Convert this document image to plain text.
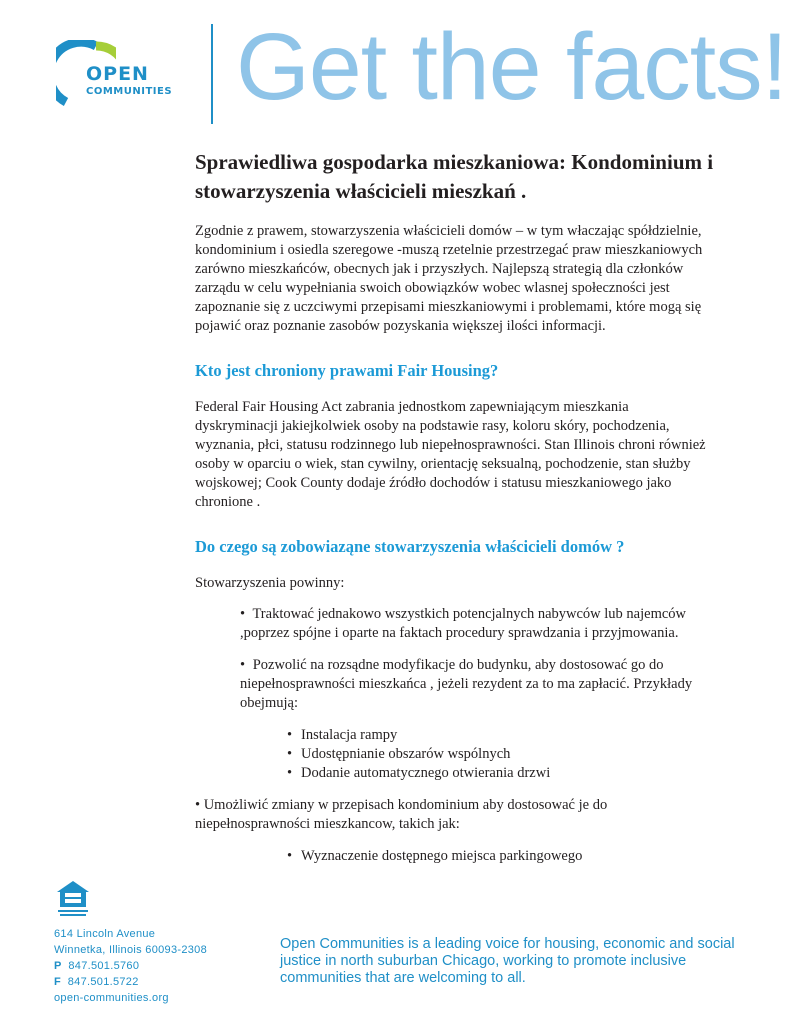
OPEN
COMMUNITIES Get the facts!
Sprawiedliwa gospodarka mieszkaniowa: Kondominium i stowarzyszenia właścicieli mieszkań .

Zgodnie z prawem, stowarzyszenia właścicieli domów – w tym właczając spółdzielnie, kondominium i osiedla szeregowe -muszą rzetelnie przestrzegać praw mieszkaniowych zarówno mieszkańców, obecnych jak i przyszłych. Najlepszą strategią dla członków zarządu w celu wypełniania swoich obowiązków wobec wlasnej społeczności jest zapoznanie się z uczciwymi przepisami mieszkaniowymi i problemami, które mogą się pojawić oraz poznanie zasobów pozyskania większej ilości informacji.

Kto jest chroniony prawami Fair Housing?

Federal Fair Housing Act zabrania jednostkom zapewniającym mieszkania dyskryminacji jakiejkolwiek osoby na podstawie rasy, koloru skóry, pochodzenia, wyznania, płci, statusu rodzinnego lub niepełnosprawności. Stan Illinois chroni również osoby w oparciu o wiek, stan cywilny, orientację seksualną, pochodzenie, stan służby wojskowej; Cook County dodaje źródło dochodów i statusu mieszkaniowego jako chronione .

Do czego są zobowiaząne stowarzyszenia właścicieli domów ?

Stowarzyszenia powinny:

• Traktować jednakowo wszystkich potencjalnych nabywców lub najemców ,poprzez spójne i oparte na faktach procedury sprawdzania i przyjmowania.

• Pozwolić na rozsądne modyfikacje do budynku, aby dostosować go do niepełnosprawności mieszkańca , jeżeli rezydent za to ma zapłacić. Przykłady obejmują:

• Instalacja rampy
• Udostępnianie obszarów wspólnych
• Dodanie automatycznego otwierania drzwi

• Umożliwić zmiany w przepisach kondominium aby dostosować je do niepełnosprawności mieszkancow, takich jak:

• Wyznaczenie dostępnego miejsca parkingowego
614 Lincoln Avenue
Winnetka, Illinois 60093-2308
P 847.501.5760
F 847.501.5722
open-communities.org
Open Communities is a leading voice for housing, economic and social justice in north suburban Chicago, working to promote inclusive communities that are welcoming to all.
